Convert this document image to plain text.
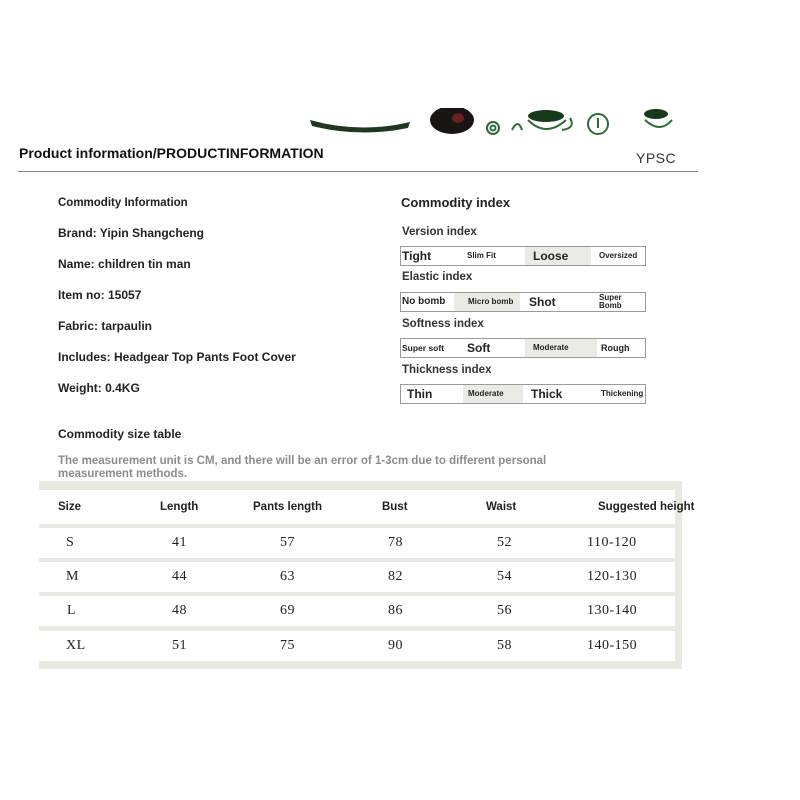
Product information/PRODUCTINFORMATION	YPSC
Commodity Information
Brand: Yipin Shangcheng
Name: children tin man
Item no: 15057
Fabric: tarpaulin
Includes: Headgear Top Pants Foot Cover
Weight: 0.4KG
Commodity index
Version index
Tight	Slim Fit	Loose	Oversized
Elastic index
No bomb	Micro bomb	Shot	Super Bomb
Softness index
Super soft	Soft	Moderate	Rough
Thickness index
Thin	Moderate	Thick	Thickening
Commodity size table
The measurement unit is CM, and there will be an error of 1-3cm due to different personal measurement methods.
Size	Length	Pants length	Bust	Waist	Suggested height
S	41	57	78	52	110-120
M	44	63	82	54	120-130
L	48	69	86	56	130-140
XL	51	75	90	58	140-150
